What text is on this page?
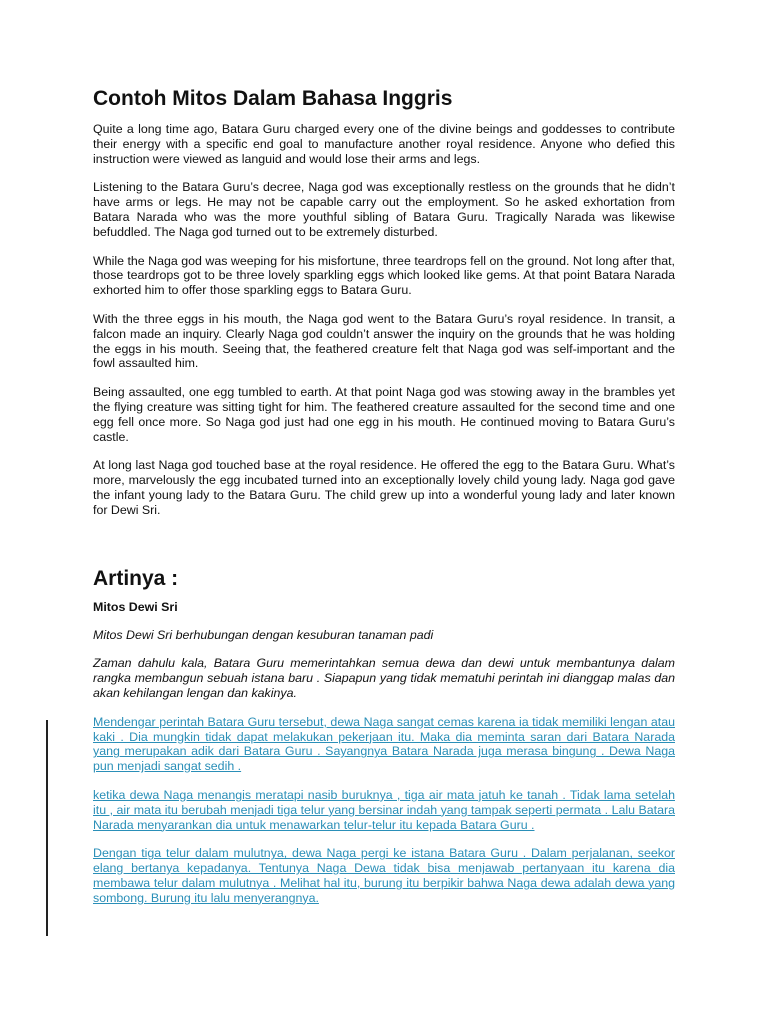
Contoh Mitos Dalam Bahasa Inggris

Quite a long time ago, Batara Guru charged every one of the divine beings and goddesses to contribute their energy with a specific end goal to manufacture another royal residence. Anyone who defied this instruction were viewed as languid and would lose their arms and legs.

Listening to the Batara Guru’s decree, Naga god was exceptionally restless on the grounds that he didn’t have arms or legs. He may not be capable carry out the employment. So he asked exhortation from Batara Narada who was the more youthful sibling of Batara Guru. Tragically Narada was likewise befuddled. The Naga god turned out to be extremely disturbed.

While the Naga god was weeping for his misfortune, three teardrops fell on the ground. Not long after that, those teardrops got to be three lovely sparkling eggs which looked like gems. At that point Batara Narada exhorted him to offer those sparkling eggs to Batara Guru.

With the three eggs in his mouth, the Naga god went to the Batara Guru’s royal residence. In transit, a falcon made an inquiry. Clearly Naga god couldn’t answer the inquiry on the grounds that he was holding the eggs in his mouth. Seeing that, the feathered creature felt that Naga god was self-important and the fowl assaulted him.

Being assaulted, one egg tumbled to earth. At that point Naga god was stowing away in the brambles yet the flying creature was sitting tight for him. The feathered creature assaulted for the second time and one egg fell once more. So Naga god just had one egg in his mouth. He continued moving to Batara Guru’s castle.

At long last Naga god touched base at the royal residence. He offered the egg to the Batara Guru. What’s more, marvelously the egg incubated turned into an exceptionally lovely child young lady. Naga god gave the infant young lady to the Batara Guru. The child grew up into a wonderful young lady and later known for Dewi Sri.

Artinya :
Mitos Dewi Sri

Mitos Dewi Sri berhubungan dengan kesuburan tanaman padi

Zaman dahulu kala, Batara Guru memerintahkan semua dewa dan dewi untuk membantunya dalam rangka membangun sebuah istana baru . Siapapun yang tidak mematuhi perintah ini dianggap malas dan akan kehilangan lengan dan kakinya.

Mendengar perintah Batara Guru tersebut, dewa Naga sangat cemas karena ia tidak memiliki lengan atau kaki . Dia mungkin tidak dapat melakukan pekerjaan itu. Maka dia meminta saran dari Batara Narada yang merupakan adik dari Batara Guru . Sayangnya Batara Narada juga merasa bingung . Dewa Naga pun menjadi sangat sedih .

ketika dewa Naga menangis meratapi nasib buruknya , tiga air mata jatuh ke tanah . Tidak lama setelah itu , air mata itu berubah menjadi tiga telur yang bersinar indah yang tampak seperti permata . Lalu Batara Narada menyarankan dia untuk menawarkan telur-telur itu kepada Batara Guru .

Dengan tiga telur dalam mulutnya, dewa Naga pergi ke istana Batara Guru . Dalam perjalanan, seekor elang bertanya kepadanya. Tentunya Naga Dewa tidak bisa menjawab pertanyaan itu karena dia membawa telur dalam mulutnya . Melihat hal itu, burung itu berpikir bahwa Naga dewa adalah dewa yang sombong. Burung itu lalu menyerangnya.
